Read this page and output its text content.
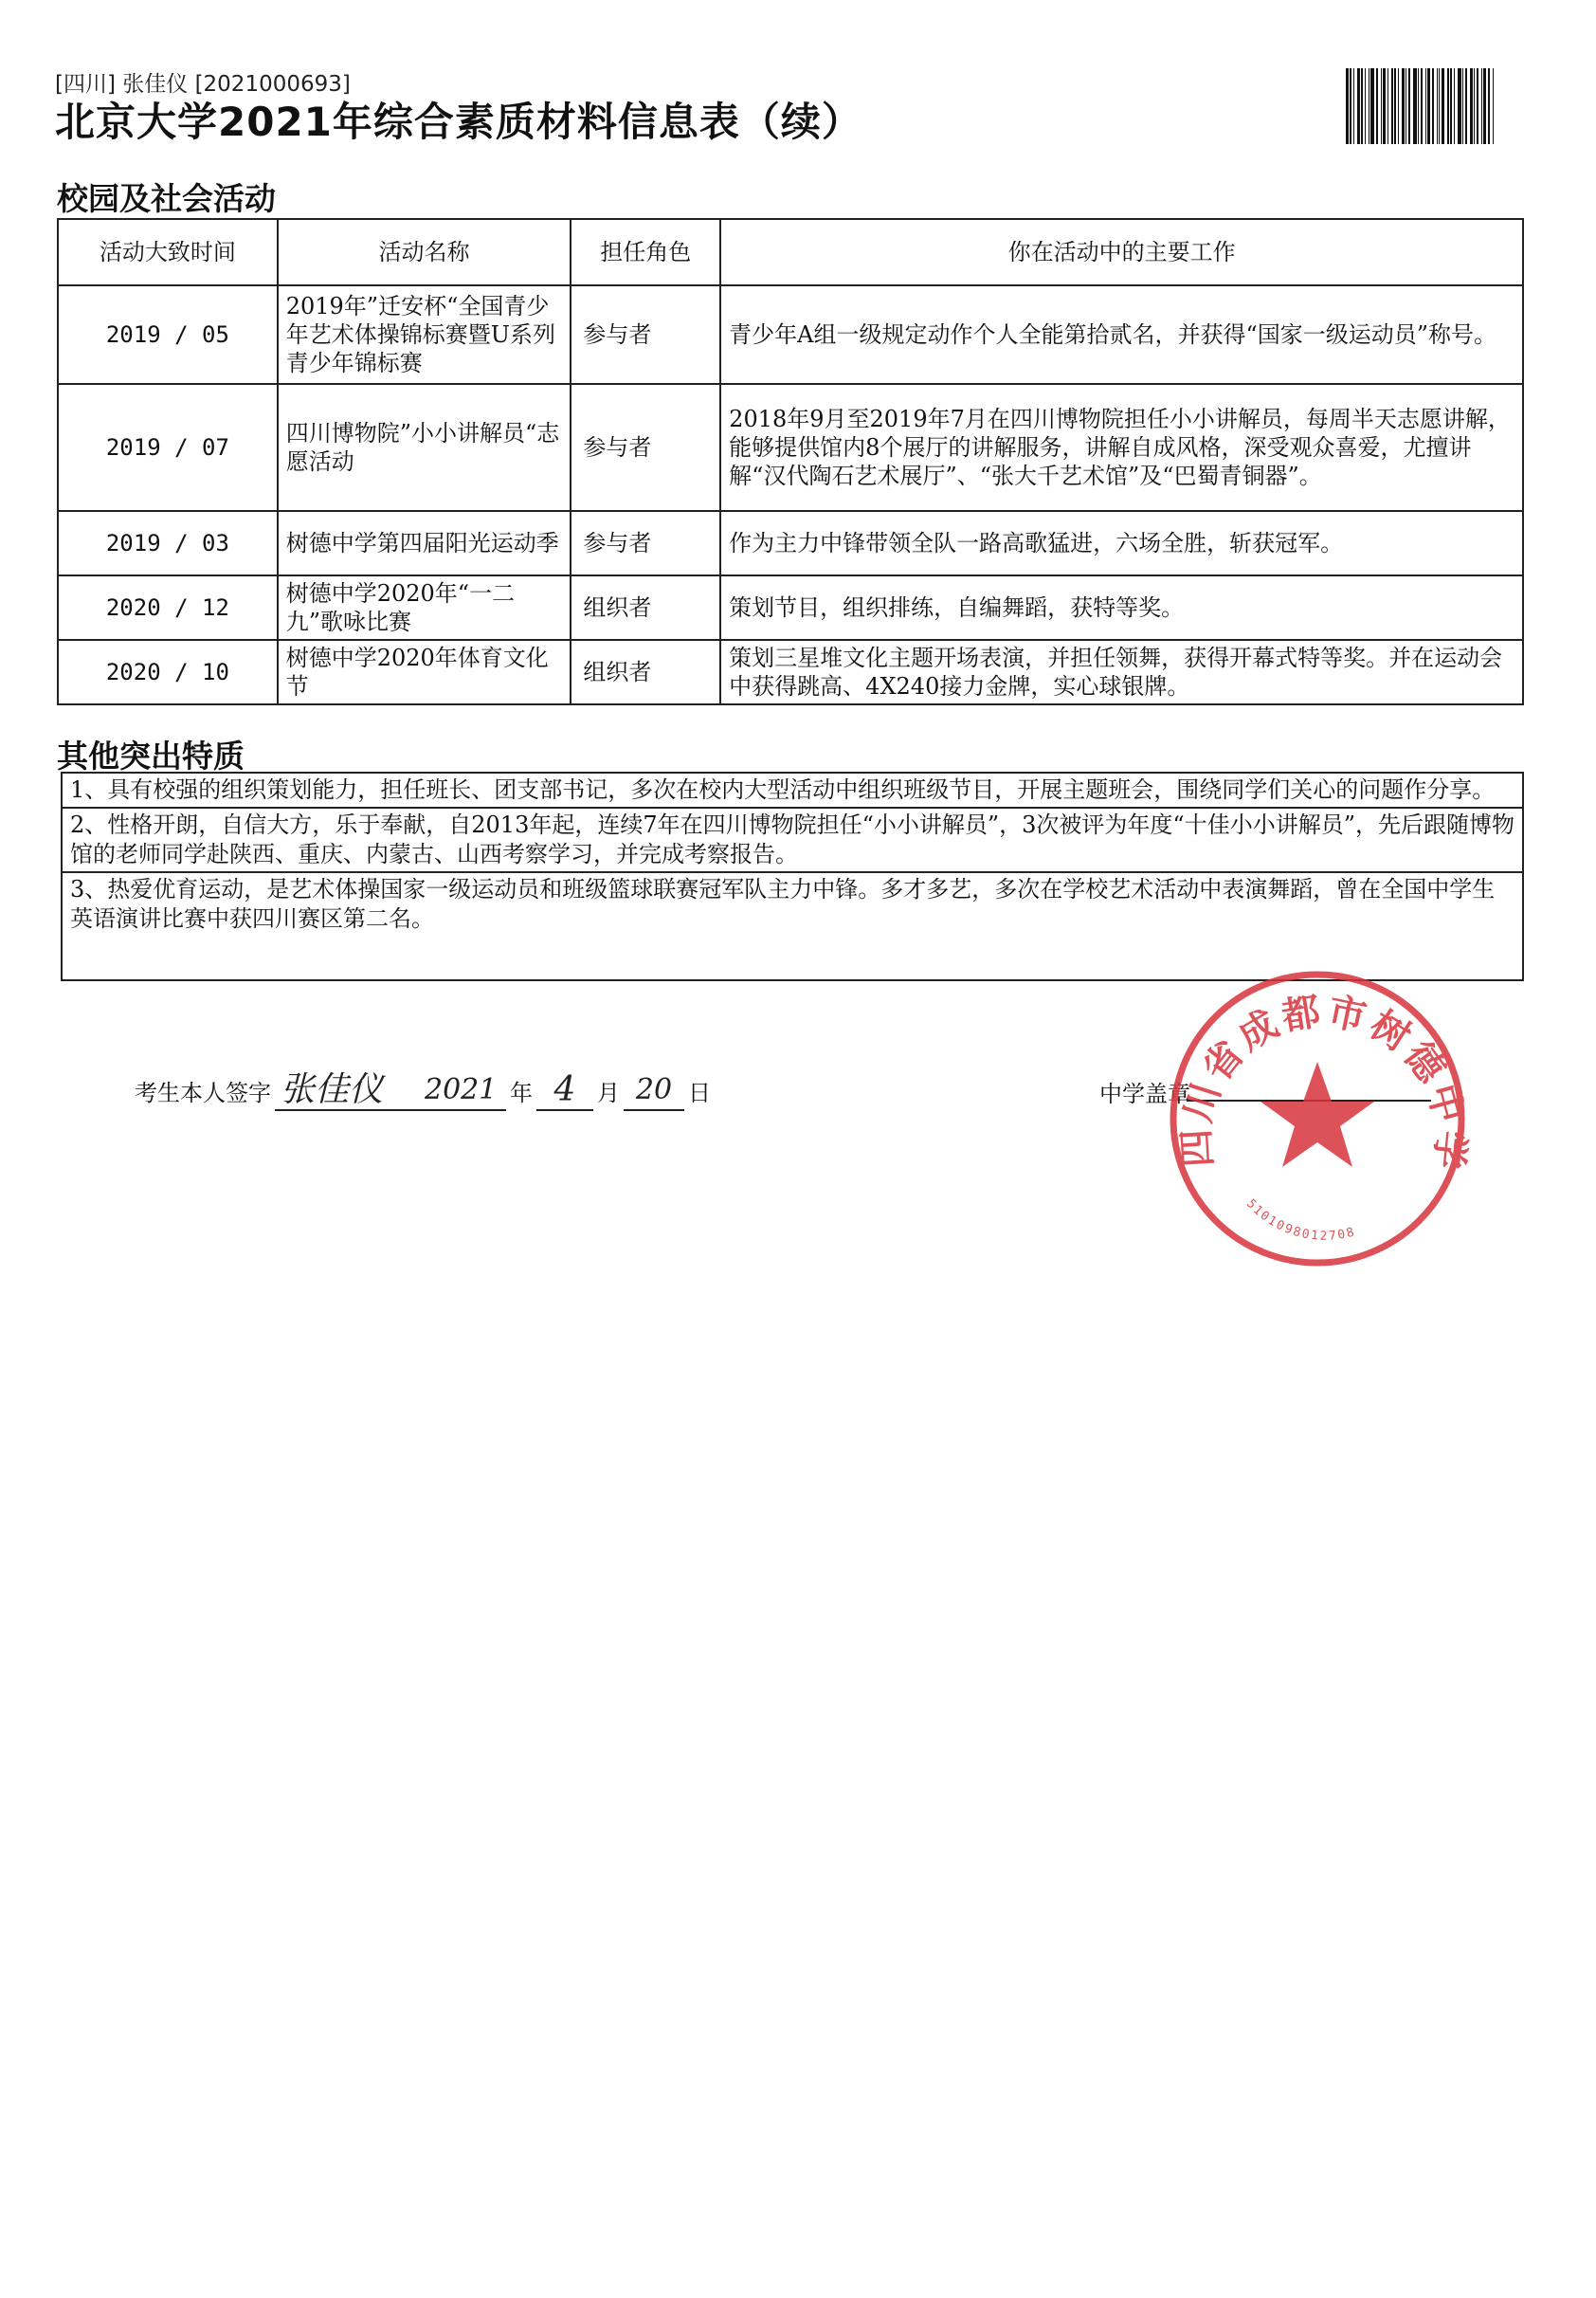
[四川] 张佳仪 [2021000693]
北京大学2021年综合素质材料信息表（续）
校园及社会活动
活动大致时间	活动名称	担任角色	你在活动中的主要工作
2019 / 05	2019年”迁安杯“全国青少年艺术体操锦标赛暨U系列青少年锦标赛	参与者	青少年A组一级规定动作个人全能第拾贰名，并获得“国家一级运动员”称号。
2019 / 07	四川博物院”小小讲解员“志愿活动	参与者	2018年9月至2019年7月在四川博物院担任小小讲解员，每周半天志愿讲解，能够提供馆内8个展厅的讲解服务，讲解自成风格，深受观众喜爱，尤擅讲解“汉代陶石艺术展厅”、“张大千艺术馆”及“巴蜀青铜器”。
2019 / 03	树德中学第四届阳光运动季	参与者	作为主力中锋带领全队一路高歌猛进，六场全胜，斩获冠军。
2020 / 12	树德中学2020年“一二九”歌咏比赛	组织者	策划节目，组织排练，自编舞蹈，获特等奖。
2020 / 10	树德中学2020年体育文化节	组织者	策划三星堆文化主题开场表演，并担任领舞，获得开幕式特等奖。并在运动会中获得跳高、4X240接力金牌，实心球银牌。
其他突出特质
1、具有校强的组织策划能力，担任班长、团支部书记，多次在校内大型活动中组织班级节目，开展主题班会，围绕同学们关心的问题作分享。
2、性格开朗，自信大方，乐于奉献，自2013年起，连续7年在四川博物院担任“小小讲解员”，3次被评为年度“十佳小小讲解员”，先后跟随博物馆的老师同学赴陕西、重庆、内蒙古、山西考察学习，并完成考察报告。
3、热爱优育运动，是艺术体操国家一级运动员和班级篮球联赛冠军队主力中锋。多才多艺，多次在学校艺术活动中表演舞蹈，曾在全国中学生英语演讲比赛中获四川赛区第二名。
考生本人签字 张佳仪	2021 年 4 月 20 日	中学盖章
四川省成都市树德中学
5101098012708
